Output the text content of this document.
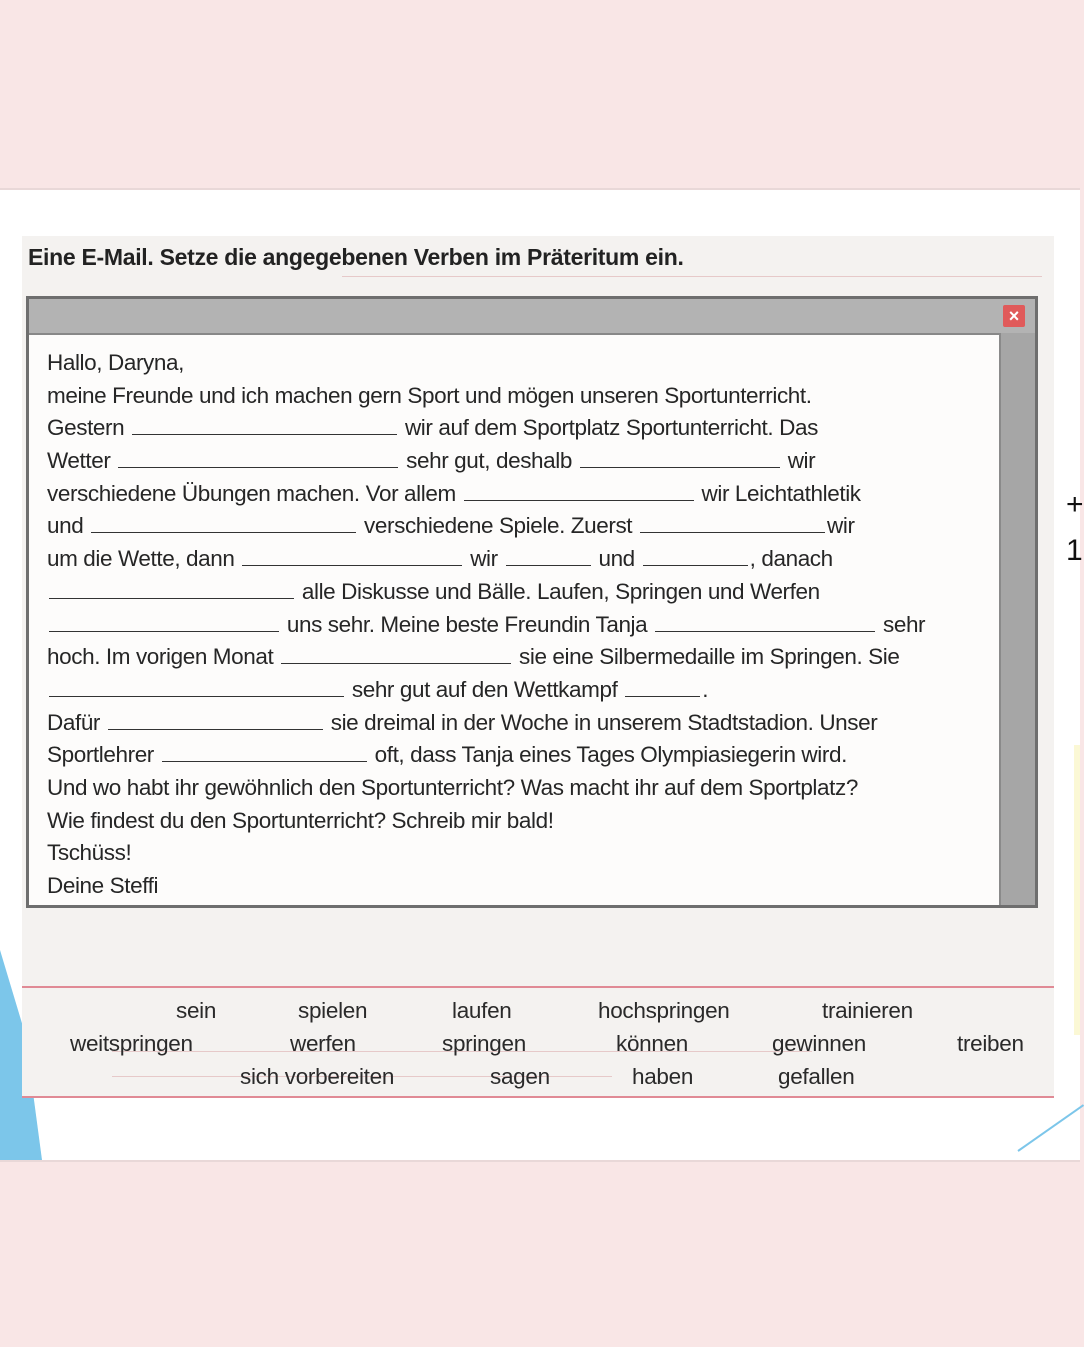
+
1
Eine E-Mail. Setze die angegebenen Verben im Präteritum ein.
×
Hallo, Daryna,
meine Freunde und ich machen gern Sport und mögen unseren Sportunterricht.
Gestern	wir auf dem Sportplatz Sportunterricht. Das
Wetter	sehr gut, deshalb	wir
verschiedene Übungen machen. Vor allem	wir Leichtathletik
und	verschiedene Spiele. Zuerst	wir
um die Wette, dann	wir	und	, danach
alle Diskusse und Bälle. Laufen, Springen und Werfen
uns sehr. Meine beste Freundin Tanja	sehr
hoch. Im vorigen Monat	sie eine Silbermedaille im Springen. Sie
sehr gut auf den Wettkampf	.
Dafür	sie dreimal in der Woche in unserem Stadtstadion. Unser
Sportlehrer	oft, dass Tanja eines Tages Olympiasiegerin wird.
Und wo habt ihr gewöhnlich den Sportunterricht? Was macht ihr auf dem Sportplatz?
Wie findest du den Sportunterricht? Schreib mir bald!
Tschüss!
Deine Steffi
sein	spielen	laufen	hochspringen	trainieren
weitspringen	werfen	springen	können	gewinnen	treiben
sich vorbereiten	sagen	haben	gefallen
